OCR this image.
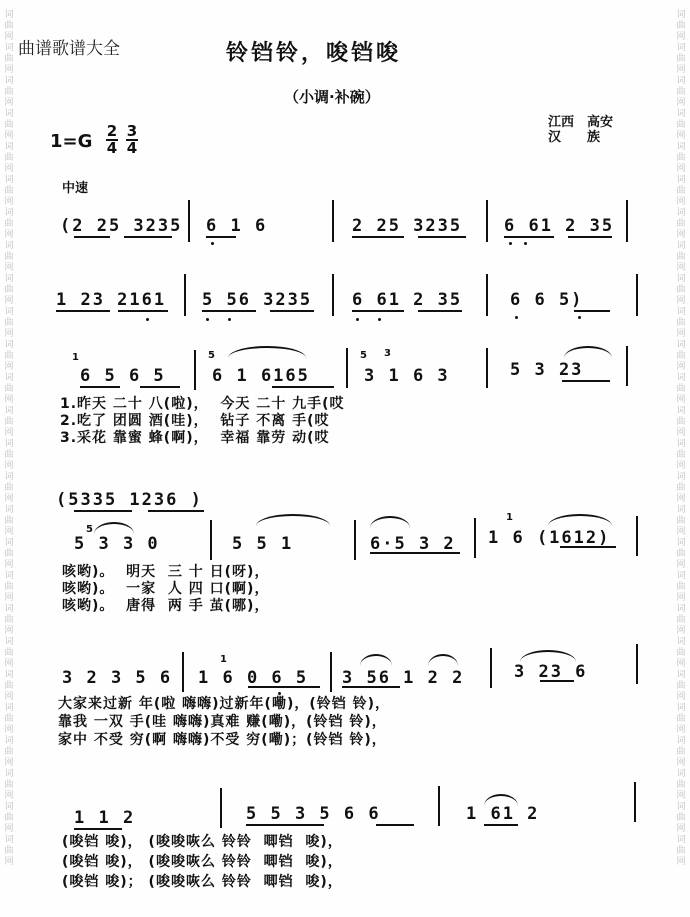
词
曲
网
词
曲
网
词
曲
网
词
曲
网
词
曲
网
词
曲
网
词
曲
网
词
曲
网
词
曲
网
词
曲
网
词
曲
网
词
曲
网
词
曲
网
词
曲
网
词
曲
网
词
曲
网
词
曲
网
词
曲
网
词
曲
网
词
曲
网
词
曲
网
词
曲
网
词
曲
网
词
曲
网
词
曲
网
词
曲
网
词
曲
网
词
曲
网
词
曲
网
词
曲
网
词
曲
网
词
曲
网
词
曲
网
词
曲
网
词
曲
网
词
曲
网
词
曲
网
词
曲
网
词
曲
网
词
曲
网
词
曲
网
词
曲
网
词
曲
网
词
曲
网
词
曲
网
词
曲
网
词
曲
网
词
曲
网
词
曲
网
词
曲
网
词
曲
网
词
曲
网
曲谱歌谱大全	铃铛铃，唆铛唆
（小调·补碗）
江西　高安
汉　　族
1=G 2
4
3
4
中速
(2 25 3235 6 1 6	2 25 3235 6 61 2 35
1 23 2161 5 56 3235 6 61 2 35	6 6 5)
1
6 5 6 5
5
6 1 6165
5 3
3 1 6 3	5 3 23
1.昨天 二十 八(啦)，  今天 二十 九手(哎
2.吃了 团圆 酒(哇)，  钻子 不离 手(哎
3.采花 靠蜜 蜂(啊)，  幸福 靠劳 动(哎
(5335 1236 )
5
5 3 3 0	5 5 1	6·5 3 2
1
1 6 (1612)
咳哟)。  明天  三 十 日(呀)，
咳哟)。  一家  人 四 口(啊)，
咳哟)。  唐得  两 手 茧(哪)，
3 2 3 5 6
1
1 6 0 6 5 3 56 1 2 2	3 23 6
大家来过新 年(啦 嗨嗨)过新年(嘞)，(铃铛 铃)，
靠我 一双 手(哇 嗨嗨)真难 赚(嘞)，(铃铛 铃)，
家中 不受 穷(啊 嗨嗨)不受 穷(嘞)；(铃铛 铃)，
1 1 2	5 5 3 5 6 6	1 61 2
(唆铛 唆)， (唆唆咴么 铃铃  唧铛  唆)，
(唆铛 唆)， (唆唆咴么 铃铃  唧铛  唆)，
(唆铛 唆)； (唆唆咴么 铃铃  唧铛  唆)，
